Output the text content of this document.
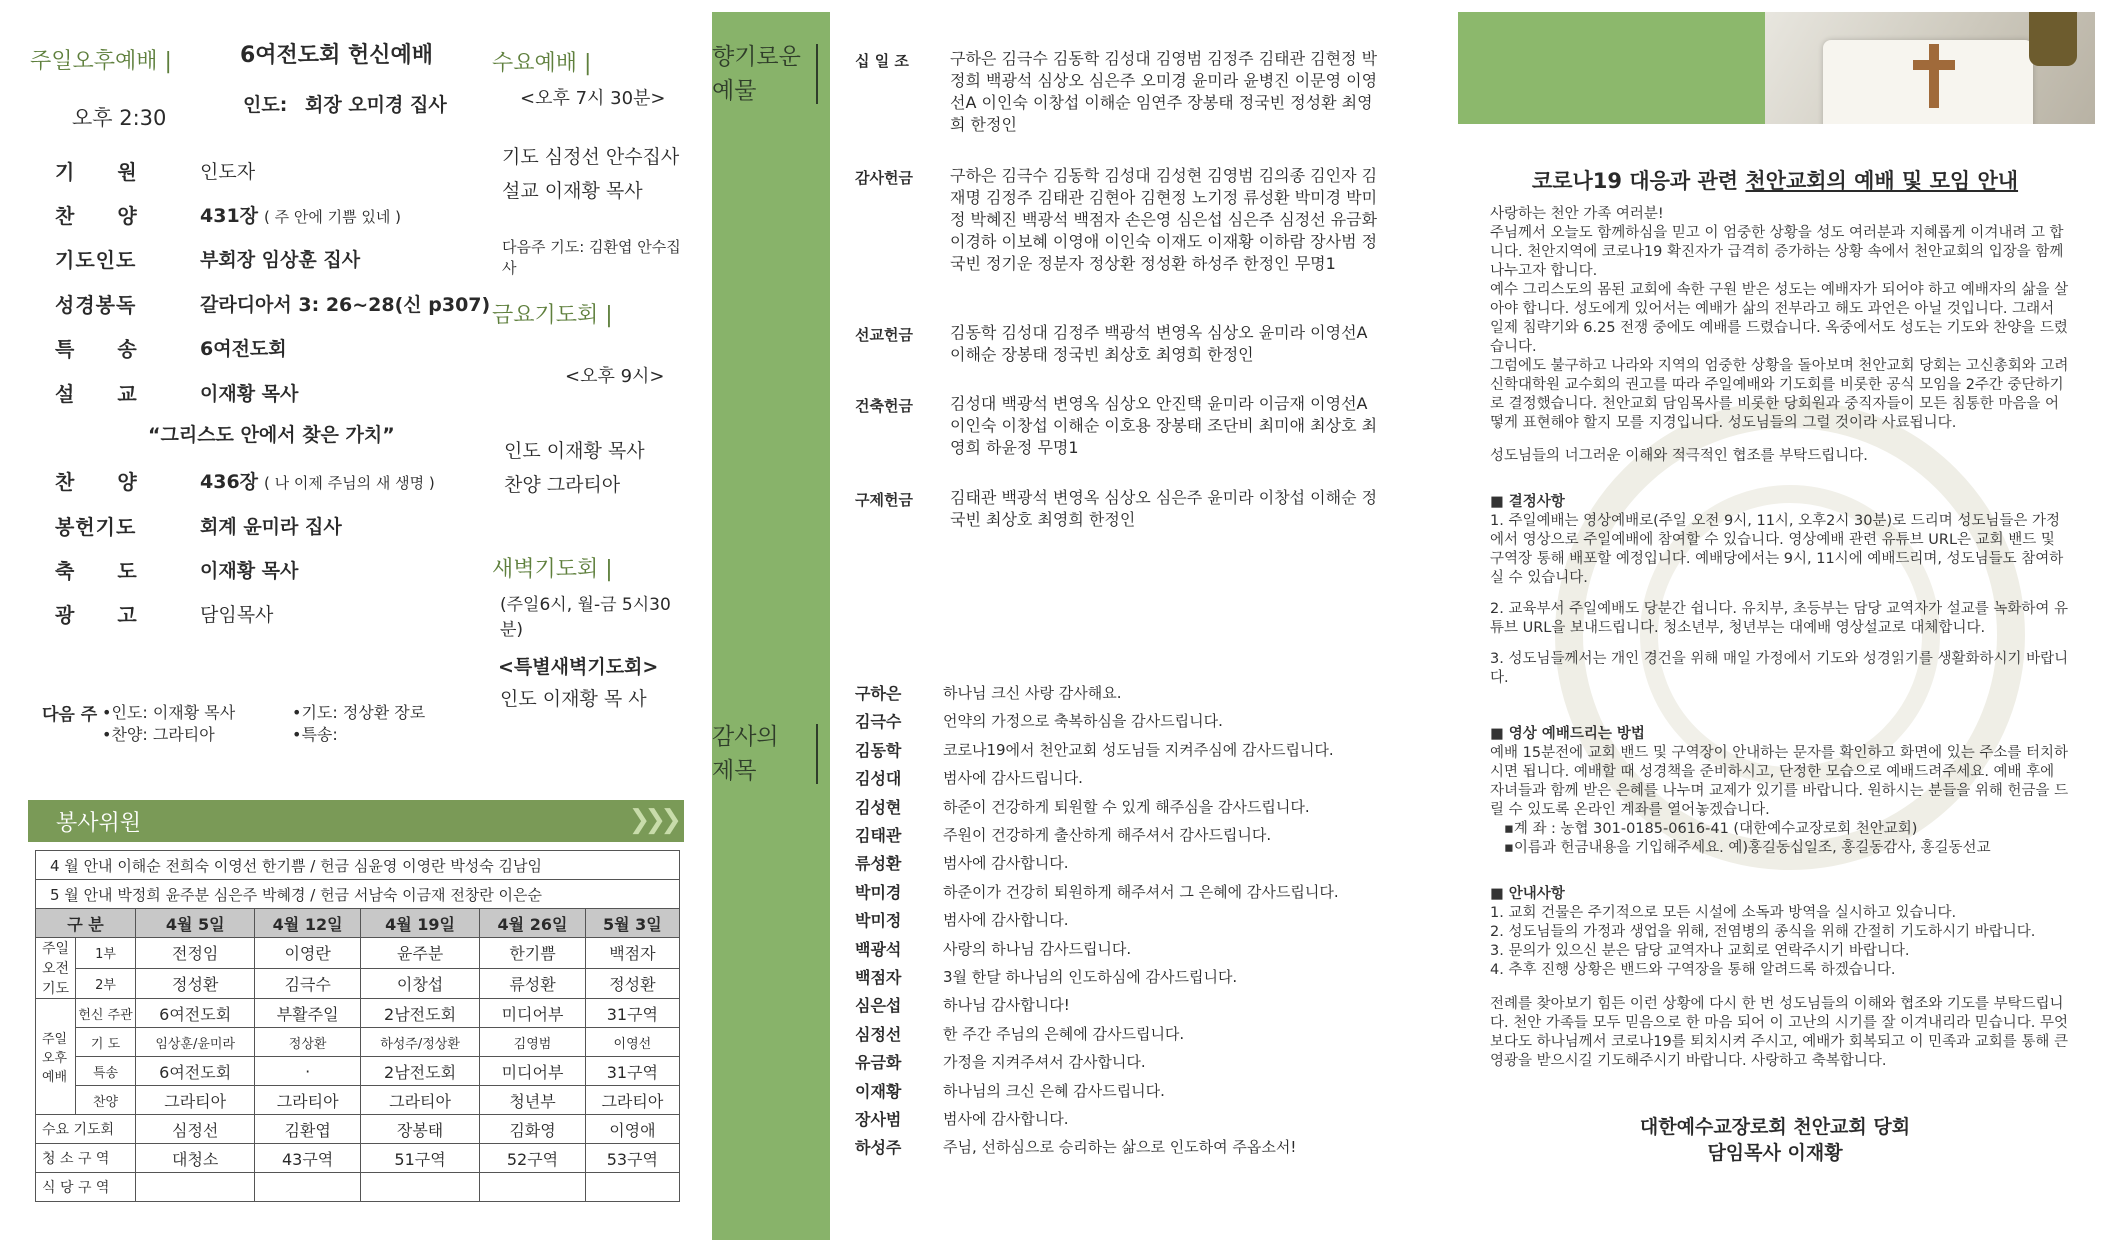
주일오후예배 |
오후 2:30
6여전도회 헌신예배
인도: 회장 오미경 집사
기　　원	인도자
찬　　양	431장 ( 주 안에 기쁨 있네 )
기도인도	부회장 임상훈 집사
성경봉독	갈라디아서 3: 26~28(신 p307)
특　　송	6여전도회
설　　교	이재황 목사
찬　　양	436장 ( 나 이제 주님의 새 생명 )
봉헌기도	회계 윤미라 집사
축　　도	이재황 목사
광　　고	담임목사
“그리스도 안에서 찾은 가치”
다음 주 •인도: 이재황 목사	•기도: 정상환 장로
•찬양: 그라티아	•특송:
수요예배 |
<오후 7시 30분>
기도 심정선 안수집사
설교 이재황 목사
다음주 기도: 김환엽 안수집사
금요기도회 |
<오후 9시>
인도 이재황 목사
찬양 그라티아
새벽기도회 |
(주일6시, 월-금 5시30분)
<특별새벽기도회>
인도 이재황 목 사
봉사위원	❯❯❯
4 월 안내 이해순 전희숙 이영선 한기쁨 / 헌금 심윤영 이영란 박성숙 김남임						
5 월 안내 박정희 윤주분 심은주 박혜경 / 헌금 서남숙 이금재 전창란 이은순						
구 분		4월 5일	4월 12일	4월 19일	4월 26일	5월 3일
주일오전기도	1부	전정임	이영란	윤주분	한기쁨	백점자
	2부	정성환	김극수	이창섭	류성환	정성환
주일 오후 예배	헌신 주관	6여전도회	부활주일	2남전도회	미디어부	31구역
	기 도	임상훈/윤미라	정상환	하성주/정상환	김영범	이영선
	특송	6여전도회	·	2남전도회	미디어부	31구역
	찬양	그라티아	그라티아	그라티아	청년부	그라티아
수요 기도회		심정선	김환엽	장봉태	김화영	이영애
청 소 구 역		대청소	43구역	51구역	52구역	53구역
식 당 구 역						
향기로운 예물
감사의 제목
십 일 조	구하은 김극수 김동학 김성대 김영범 김정주 김태관 김현정 박정희 백광석 심상오 심은주 오미경 윤미라 윤병진 이문영 이영선A 이인숙 이창섭 이해순 임연주 장봉태 정국빈 정성환 최영희 한정인
감사헌금	구하은 김극수 김동학 김성대 김성현 김영범 김의종 김인자 김재명 김정주 김태관 김현아 김현정 노기정 류성환 박미경 박미정 박혜진 백광석 백점자 손은영 심은섭 심은주 심정선 유금화 이경하 이보혜 이영애 이인숙 이재도 이재황 이하람 장사범 정국빈 정기운 정분자 정상환 정성환 하성주 한정인 무명1
선교헌금	김동학 김성대 김정주 백광석 변영옥 심상오 윤미라 이영선A 이해순 장봉태 정국빈 최상호 최영희 한정인
건축헌금	김성대 백광석 변영옥 심상오 안진택 윤미라 이금재 이영선A 이인숙 이창섭 이해순 이호용 장봉태 조단비 최미애 최상호 최영희 하윤정 무명1
구제헌금	김태관 백광석 변영옥 심상오 심은주 윤미라 이창섭 이해순 정국빈 최상호 최영희 한정인
구하은	하나님 크신 사랑 감사해요.
김극수	언약의 가정으로 축복하심을 감사드립니다.
김동학	코로나19에서 천안교회 성도님들 지켜주심에 감사드립니다.
김성대	범사에 감사드립니다.
김성현	하준이 건강하게 퇴원할 수 있게 해주심을 감사드립니다.
김태관	주원이 건강하게 출산하게 해주셔서 감사드립니다.
류성환	범사에 감사합니다.
박미경	하준이가 건강히 퇴원하게 해주셔서 그 은혜에 감사드립니다.
박미정	범사에 감사합니다.
백광석	사랑의 하나님 감사드립니다.
백점자	3월 한달 하나님의 인도하심에 감사드립니다.
심은섭	하나님 감사합니다!
심정선	한 주간 주님의 은혜에 감사드립니다.
유금화	가정을 지켜주셔서 감사합니다.
이재황	하나님의 크신 은혜 감사드립니다.
장사범	범사에 감사합니다.
하성주	주님, 선하심으로 승리하는 삶으로 인도하여 주옵소서!
코로나19 대응과 관련 천안교회의 예배 및 모임 안내

사랑하는 천안 가족 여러분!

주님께서 오늘도 함께하심을 믿고 이 엄중한 상황을 성도 여러분과 지혜롭게 이겨내려 고 합니다. 천안지역에 코로나19 확진자가 급격히 증가하는 상황 속에서 천안교회의 입장을 함께 나누고자 합니다.

예수 그리스도의 몸된 교회에 속한 구원 받은 성도는 예배자가 되어야 하고 예배자의 삶을 살아야 합니다. 성도에게 있어서는 예배가 삶의 전부라고 해도 과언은 아닐 것입니다. 그래서 일제 침략기와 6.25 전쟁 중에도 예배를 드렸습니다. 옥중에서도 성도는 기도와 찬양을 드렸습니다.

그럼에도 불구하고 나라와 지역의 엄중한 상황을 돌아보며 천안교회 당회는 고신총회와 고려신학대학원 교수회의 권고를 따라 주일예배와 기도회를 비롯한 공식 모임을 2주간 중단하기로 결정했습니다. 천안교회 담임목사를 비롯한 당회원과 중직자들이 모든 침통한 마음을 어떻게 표현해야 할지 모를 지경입니다. 성도님들의 그럴 것이라 사료됩니다.

성도님들의 너그러운 이해와 적극적인 협조를 부탁드립니다.

■ 결정사항

1. 주일예배는 영상예배로(주일 오전 9시, 11시, 오후2시 30분)로 드리며 성도님들은 가정에서 영상으로 주일예배에 참여할 수 있습니다. 영상예배 관련 유튜브 URL은 교회 밴드 및 구역장 통해 배포할 예정입니다. 예배당에서는 9시, 11시에 예배드리며, 성도님들도 참여하실 수 있습니다.

2. 교육부서 주일예배도 당분간 쉽니다. 유치부, 초등부는 담당 교역자가 설교를 녹화하여 유튜브 URL을 보내드립니다. 청소년부, 청년부는 대예배 영상설교로 대체합니다.

3. 성도님들께서는 개인 경건을 위해 매일 가정에서 기도와 성경읽기를 생활화하시기 바랍니다.

■ 영상 예배드리는 방법

예배 15분전에 교회 밴드 및 구역장이 안내하는 문자를 확인하고 화면에 있는 주소를 터치하시면 됩니다. 예배할 때 성경책을 준비하시고, 단정한 모습으로 예배드려주세요. 예배 후에 자녀들과 함께 받은 은혜를 나누며 교제가 있기를 바랍니다. 원하시는 분들을 위해 헌금을 드릴 수 있도록 온라인 계좌를 열어놓겠습니다.

▪계 좌 : 농협 301-0185-0616-41 (대한예수교장로회 천안교회)

▪이름과 헌금내용을 기입해주세요. 예)홍길동십일조, 홍길동감사, 홍길동선교

■ 안내사항

1. 교회 건물은 주기적으로 모든 시설에 소독과 방역을 실시하고 있습니다.

2. 성도님들의 가정과 생업을 위해, 전염병의 종식을 위해 간절히 기도하시기 바랍니다.

3. 문의가 있으신 분은 담당 교역자나 교회로 연락주시기 바랍니다.

4. 추후 진행 상황은 밴드와 구역장을 통해 알려드록 하겠습니다.

전례를 찾아보기 힘든 이런 상황에 다시 한 번 성도님들의 이해와 협조와 기도를 부탁드립니다. 천안 가족들 모두 믿음으로 한 마음 되어 이 고난의 시기를 잘 이겨내리라 믿습니다. 무엇보다도 하나님께서 코로나19를 퇴치시켜 주시고, 예배가 회복되고 이 민족과 교회를 통해 큰 영광을 받으시길 기도해주시기 바랍니다. 사랑하고 축복합니다.
대한예수교장로회 천안교회 당회
담임목사 이재황
